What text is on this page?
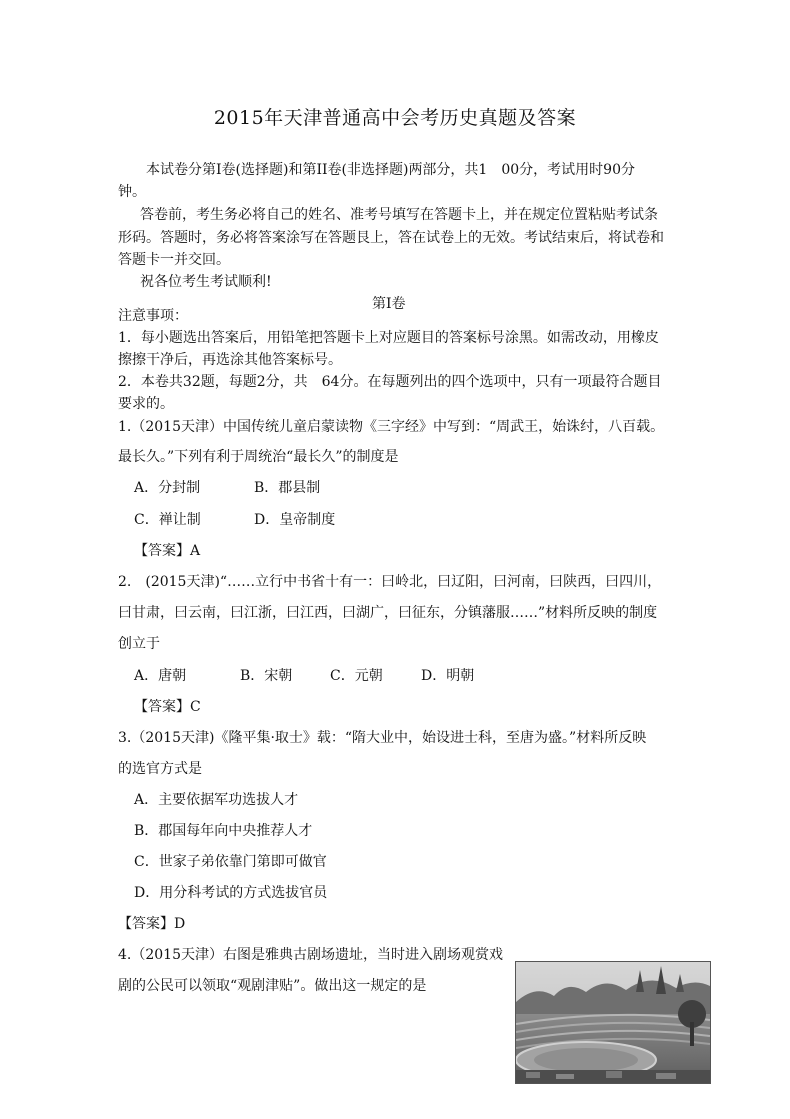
2015年天津普通高中会考历史真题及答案
本试卷分第I卷(选择题)和第II卷(非选择题)两部分，共1　00分，考试用时90分
钟。
答卷前，考生务必将自己的姓名、准考号填写在答题卡上，并在规定位置粘贴考试条
形码。答题时，务必将答案涂写在答题艮上，答在试卷上的无效。考试结束后，将试卷和
答题卡一并交回。
祝各位考生考试顺利!
第I卷
注意事项：
1．每小题选出答案后，用铅笔把答题卡上对应题目的答案标号涂黑。如需改动，用橡皮
擦擦干净后，再选涂其他答案标号。
2．本卷共32题，每题2分，共　64分。在每题列出的四个选项中，只有一项最符合题目
要求的。
1.（2015天津）中国传统儿童启蒙读物《三字经》中写到：“周武王，始诛纣，八百载。
最长久。”下列有利于周统治“最长久”的制度是
A．分封制	B．郡县制
C．禅让制	D．皇帝制度
【答案】A
2.　(2015天津)“……立行中书省十有一：曰岭北，曰辽阳，曰河南，曰陕西，曰四川，
曰甘肃，曰云南，曰江浙，曰江西，曰湖广，曰征东，分镇藩服……”材料所反映的制度
创立于
A．唐朝	B．宋朝	C．元朝	D．明朝
【答案】C
3.（2015天津)《隆平集·取士》载：“隋大业中，始设进士科，至唐为盛。”材料所反映
的选官方式是
A．主要依据军功选拔人才
B．郡国每年向中央推荐人才
C．世家子弟依靠门第即可做官
D．用分科考试的方式选拔官员
【答案】D
4.（2015天津）右图是雅典古剧场遗址，当时进入剧场观赏戏
剧的公民可以领取“观剧津贴”。做出这一规定的是
